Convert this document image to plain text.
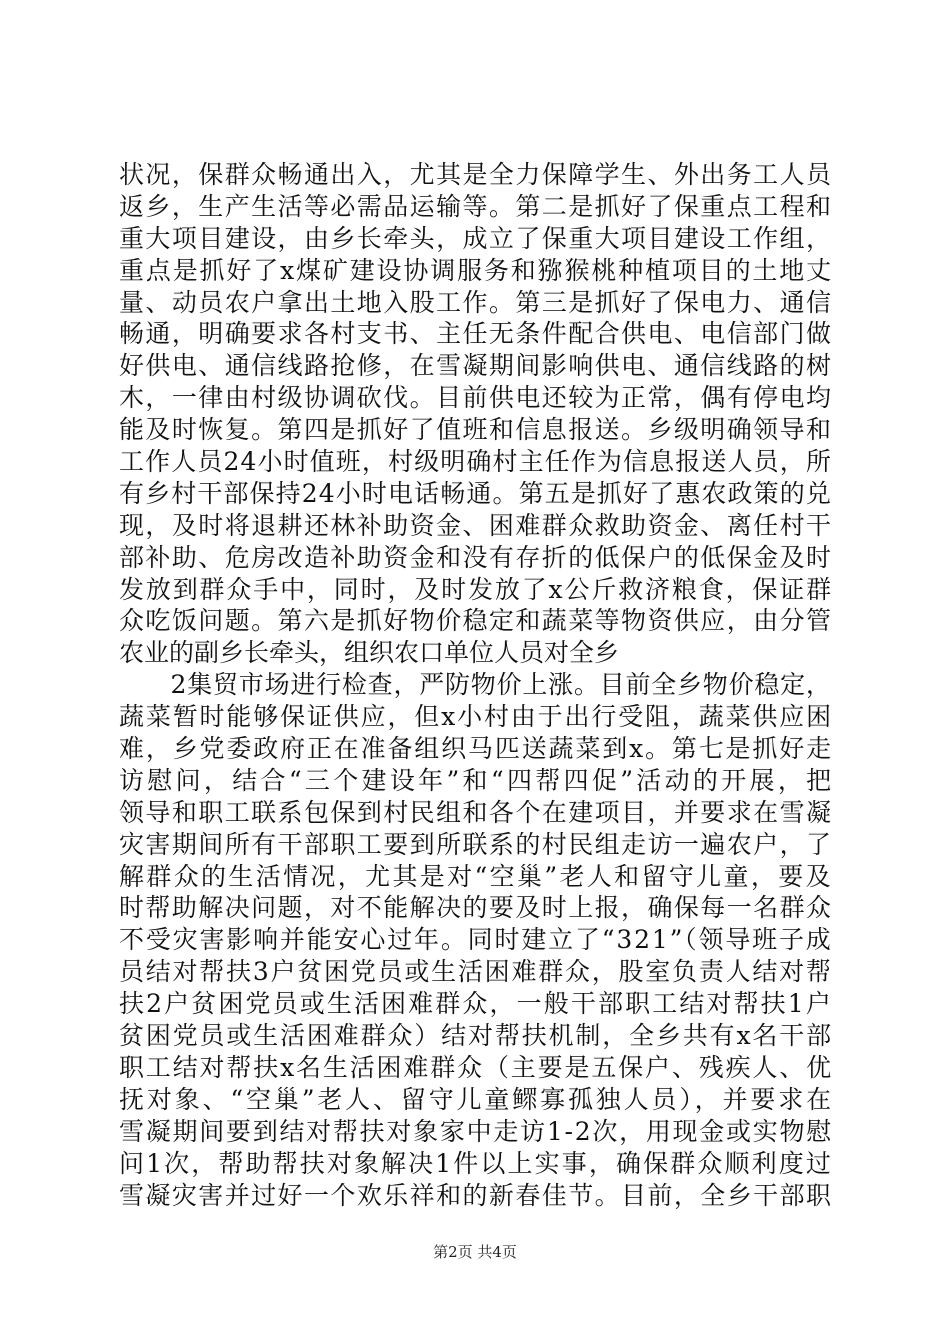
状况，保群众畅通出入，尤其是全力保障学生、外出务工人员
返乡，生产生活等必需品运输等。第二是抓好了保重点工程和
重大项目建设，由乡长牵头，成立了保重大项目建设工作组，
重点是抓好了x煤矿建设协调服务和猕猴桃种植项目的土地丈
量、动员农户拿出土地入股工作。第三是抓好了保电力、通信
畅通，明确要求各村支书、主任无条件配合供电、电信部门做
好供电、通信线路抢修，在雪凝期间影响供电、通信线路的树
木，一律由村级协调砍伐。目前供电还较为正常，偶有停电均
能及时恢复。第四是抓好了值班和信息报送。乡级明确领导和
工作人员24小时值班，村级明确村主任作为信息报送人员，所
有乡村干部保持24小时电话畅通。第五是抓好了惠农政策的兑
现，及时将退耕还林补助资金、困难群众救助资金、离任村干
部补助、危房改造补助资金和没有存折的低保户的低保金及时
发放到群众手中，同时，及时发放了x公斤救济粮食，保证群
众吃饭问题。第六是抓好物价稳定和蔬菜等物资供应，由分管
农业的副乡长牵头，组织农口单位人员对全乡
　　2集贸市场进行检查，严防物价上涨。目前全乡物价稳定，
蔬菜暂时能够保证供应，但x小村由于出行受阻，蔬菜供应困
难，乡党委政府正在准备组织马匹送蔬菜到x。第七是抓好走
访慰问，结合“三个建设年”和“四帮四促”活动的开展，把
领导和职工联系包保到村民组和各个在建项目，并要求在雪凝
灾害期间所有干部职工要到所联系的村民组走访一遍农户，了
解群众的生活情况，尤其是对“空巢”老人和留守儿童，要及
时帮助解决问题，对不能解决的要及时上报，确保每一名群众
不受灾害影响并能安心过年。同时建立了“321”（领导班子成
员结对帮扶3户贫困党员或生活困难群众，股室负责人结对帮
扶2户贫困党员或生活困难群众，一般干部职工结对帮扶1户
贫困党员或生活困难群众）结对帮扶机制，全乡共有x名干部
职工结对帮扶x名生活困难群众（主要是五保户、残疾人、优
抚对象、“空巢”老人、留守儿童鳏寡孤独人员），并要求在
雪凝期间要到结对帮扶对象家中走访1-2次，用现金或实物慰
问1次，帮助帮扶对象解决1件以上实事，确保群众顺利度过
雪凝灾害并过好一个欢乐祥和的新春佳节。目前，全乡干部职
第2页 共4页
